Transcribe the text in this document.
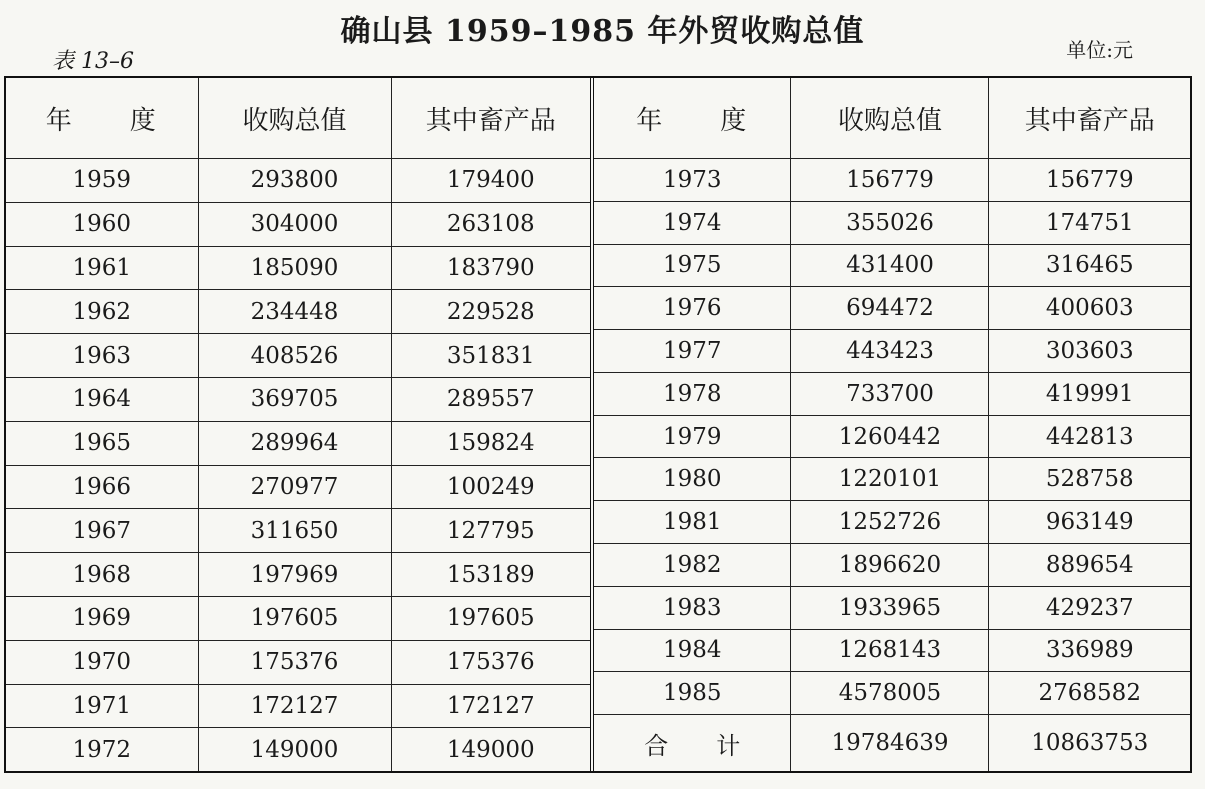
确山县 1959–1985 年外贸收购总值
表 13–6	单位:元
年　　度	收购总值	其中畜产品
1959	293800	179400
1960	304000	263108
1961	185090	183790
1962	234448	229528
1963	408526	351831
1964	369705	289557
1965	289964	159824
1966	270977	100249
1967	311650	127795
1968	197969	153189
1969	197605	197605
1970	175376	175376
1971	172127	172127
1972	149000	149000
年　　度	收购总值	其中畜产品
1973	156779	156779
1974	355026	174751
1975	431400	316465
1976	694472	400603
1977	443423	303603
1978	733700	419991
1979	1260442	442813
1980	1220101	528758
1981	1252726	963149
1982	1896620	889654
1983	1933965	429237
1984	1268143	336989
1985	4578005	2768582
合　　计	19784639	10863753
